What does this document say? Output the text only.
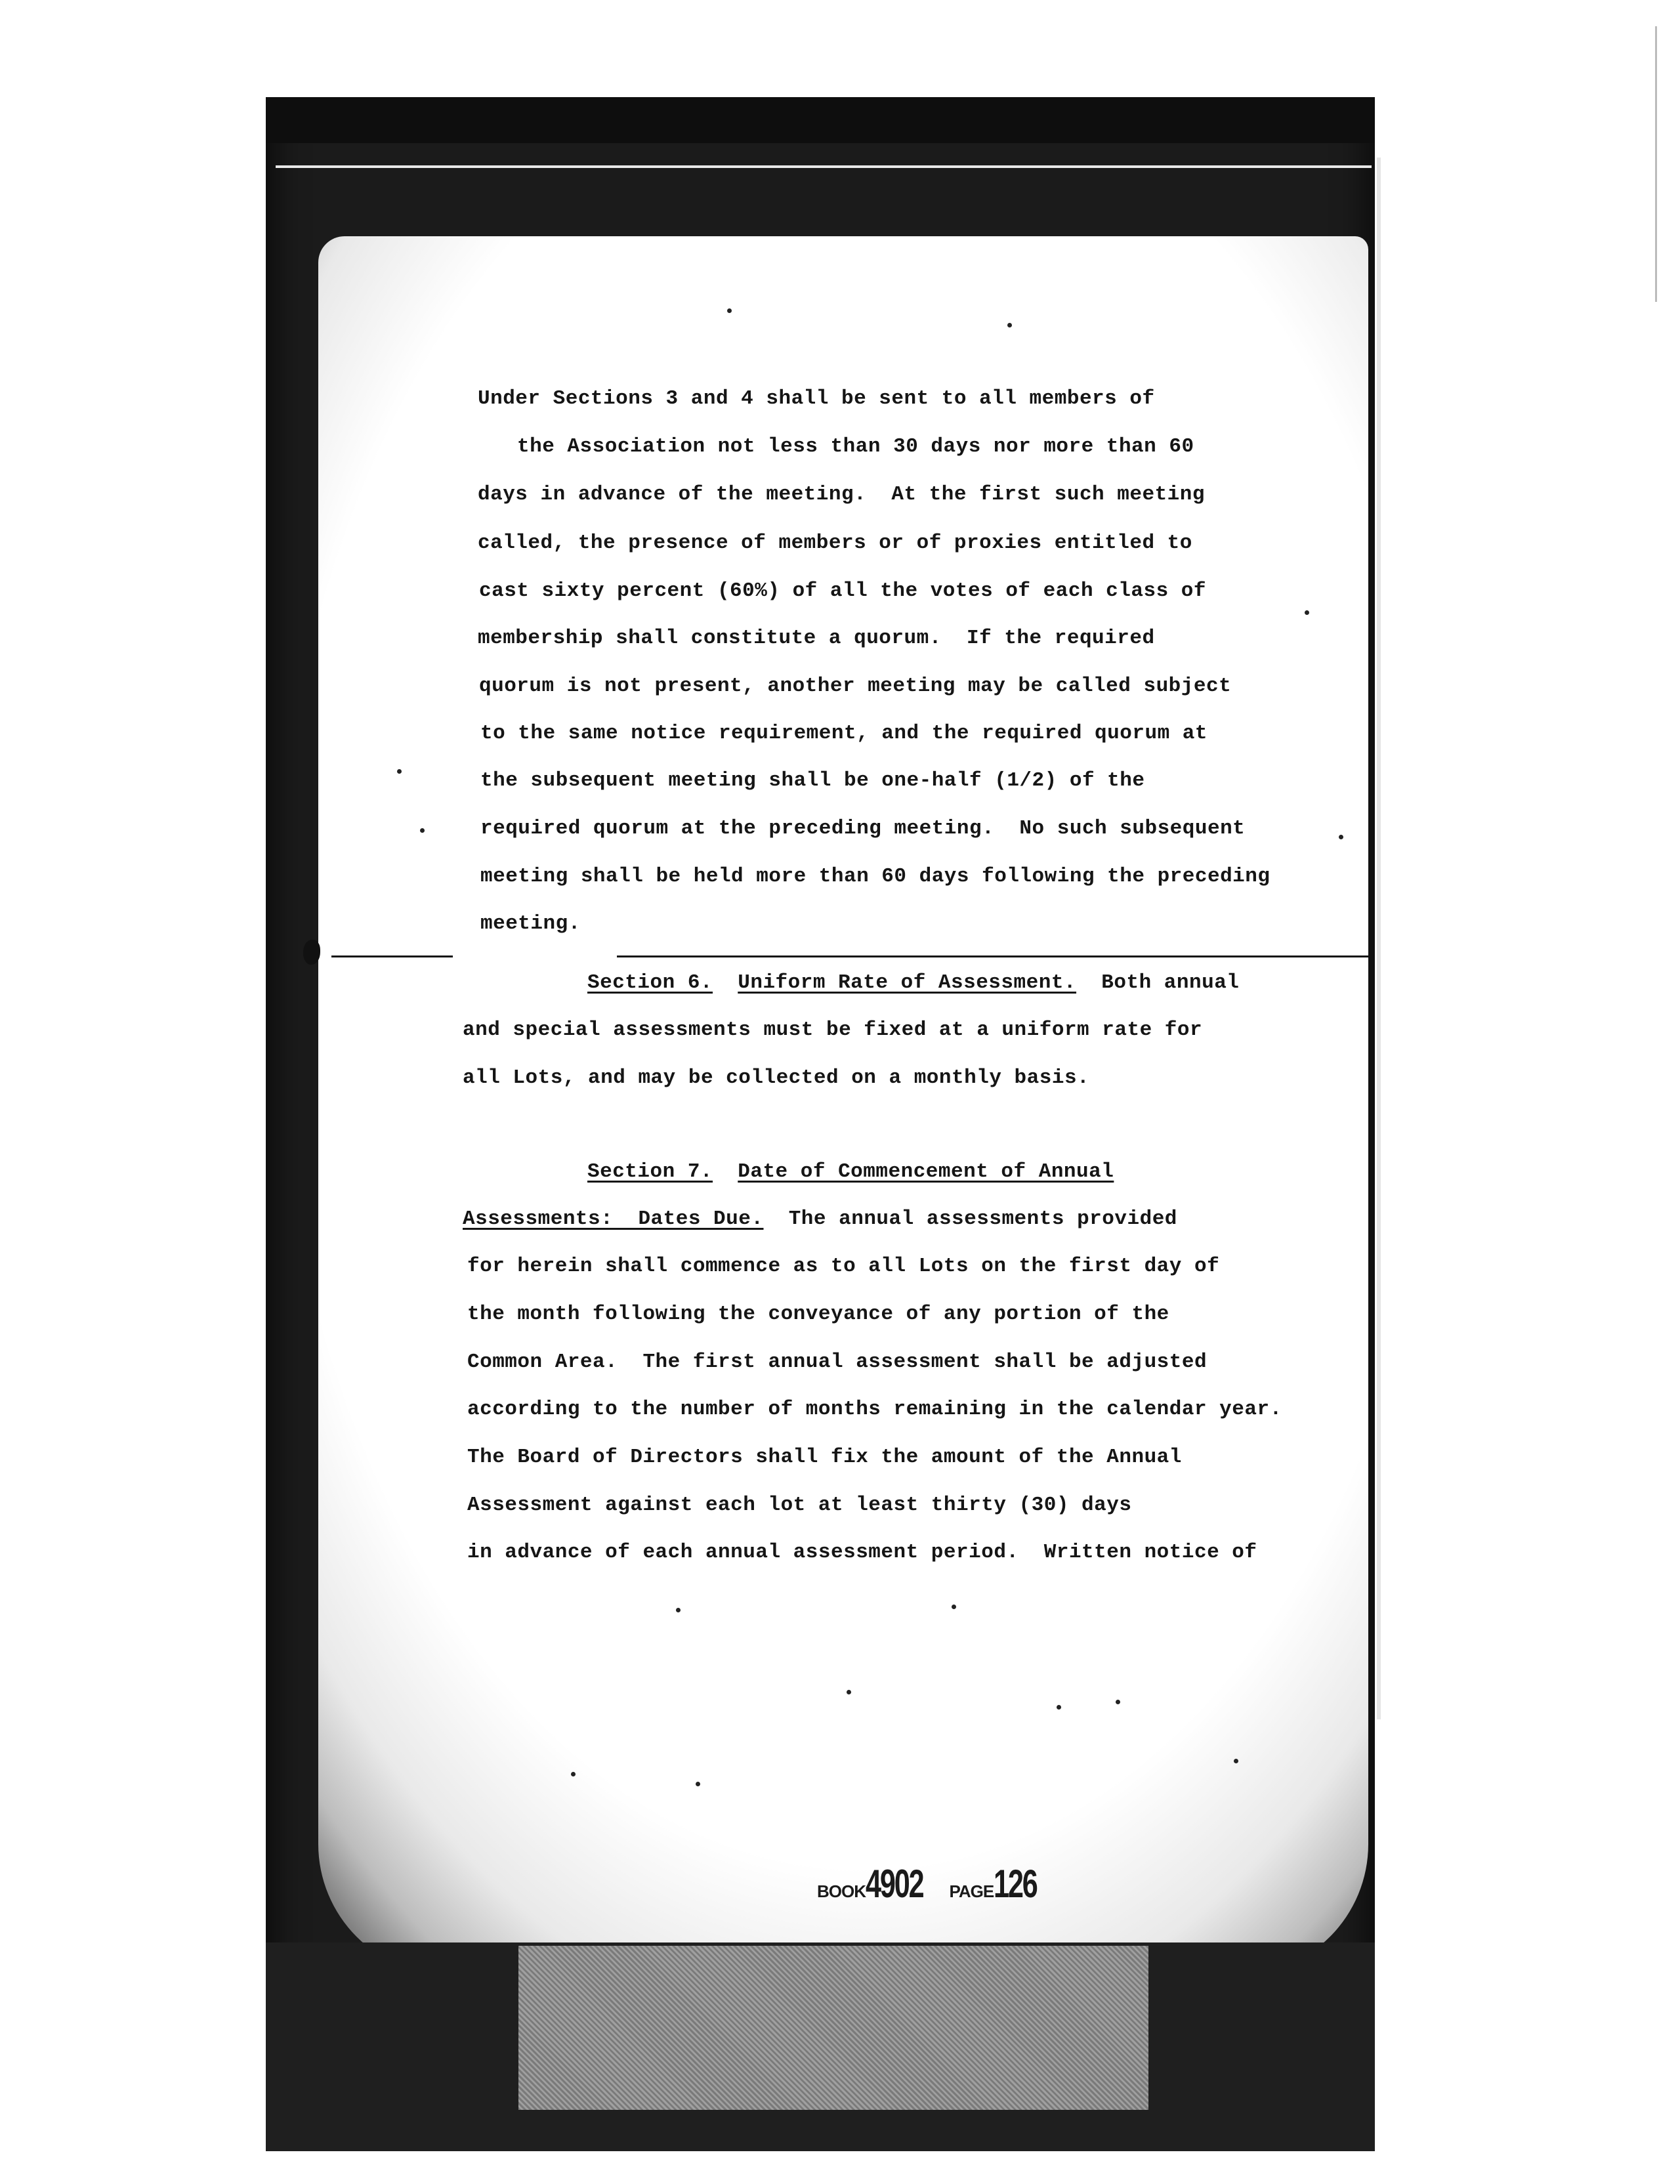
Under Sections 3 and 4 shall be sent to all members of

the Association not less than 30 days nor more than 60

days in advance of the meeting.  At the first such meeting

called, the presence of members or of proxies entitled to

cast sixty percent (60%) of all the votes of each class of

membership shall constitute a quorum.  If the required

quorum is not present, another meeting may be called subject

to the same notice requirement, and the required quorum at

the subsequent meeting shall be one-half (1/2) of the

required quorum at the preceding meeting.  No such subsequent

meeting shall be held more than 60 days following the preceding

meeting.

Section 6. Uniform Rate of Assessment. Both annual

and special assessments must be fixed at a uniform rate for

all Lots, and may be collected on a monthly basis.

Section 7. Date of Commencement of Annual

Assessments:  Dates Due. The annual assessments provided

for herein shall commence as to all Lots on the first day of

the month following the conveyance of any portion of the

Common Area.  The first annual assessment shall be adjusted

according to the number of months remaining in the calendar year.

The Board of Directors shall fix the amount of the Annual

Assessment against each lot at least thirty (30) days

in advance of each annual assessment period.  Written notice of

BOOK4902 PAGE126
